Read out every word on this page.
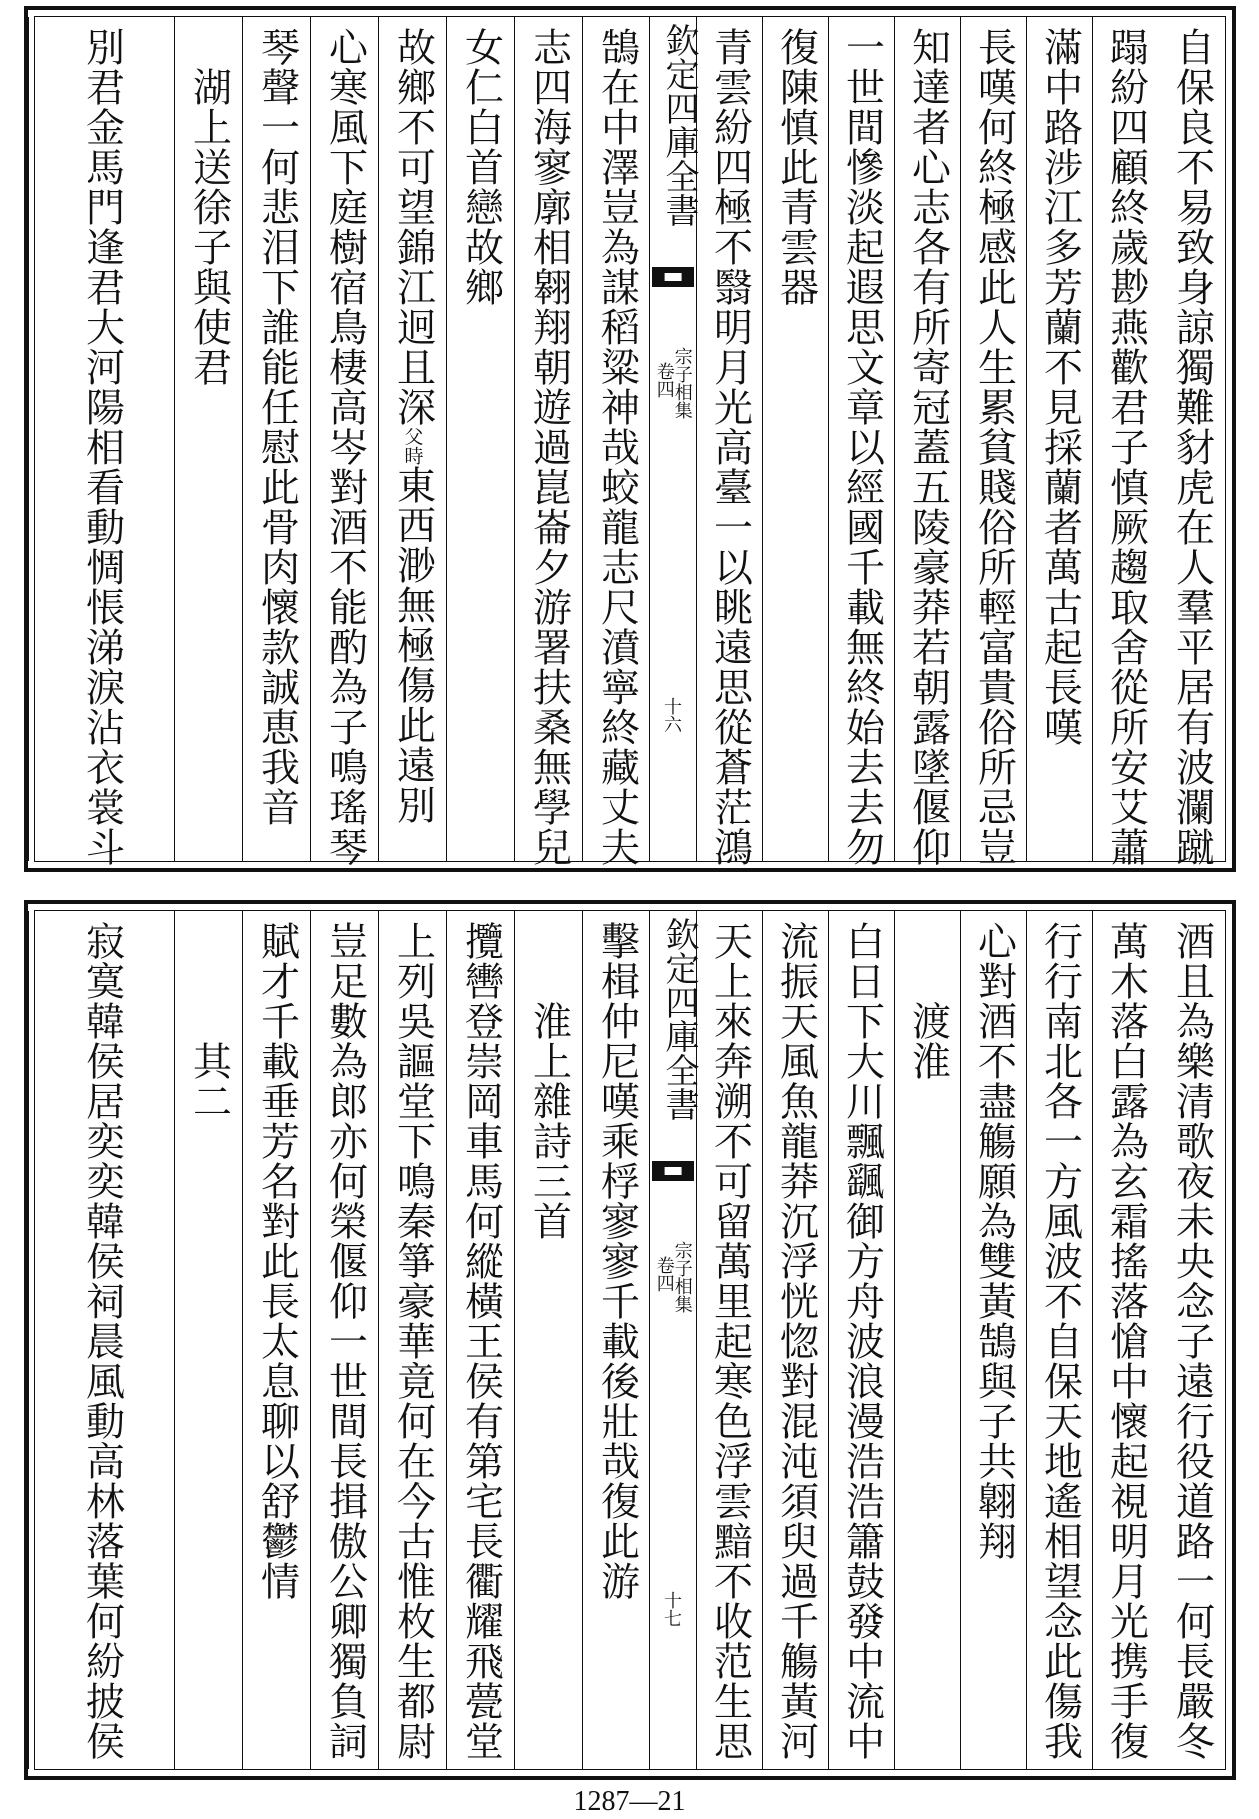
自保良不易致身諒獨難豺虎在人羣平居有波瀾蹴
蹋紛四顧終歲尠燕歡君子慎厥趨取舍從所安艾蕭
滿中路涉江多芳蘭不見採蘭者萬古起長嘆
長嘆何終極感此人生累貧賤俗所輕富貴俗所忌豈
知達者心志各有所寄冠蓋五陵豪莽若朝露墜偃仰
一世間慘淡起遐思文章以經國千載無終始去去勿
復陳慎此青雲器
青雲紛四極不翳明月光高臺一以眺遠思從蒼茫鴻
欽定四庫全書
宗子相集
卷四
十六
鵠在中澤豈為謀稻粱神哉蛟龍志尺濆寧終藏丈夫
志四海寥廓相翱翔朝遊過崑崙夕游署扶桑無學兒
女仁白首戀故鄉
故鄉不可望錦江迥且深父時東西渺無極傷此遠別
心寒風下庭樹宿鳥棲高岑對酒不能酌為子鳴瑤琴
琴聲一何悲泪下誰能任慰此骨肉懷款誠恵我音
湖上送徐子與使君
別君金馬門逢君大河陽相看動惆悵涕淚沾衣裳斗
酒且為樂清歌夜未央念子遠行役道路一何長嚴冬
萬木落白露為玄霜搖落愴中懷起視明月光携手復
行行南北各一方風波不自保天地遙相望念此傷我
心對酒不盡觴願為雙黃鵠與子共翺翔
渡淮
白日下大川飄颻御方舟波浪漫浩浩簫鼓發中流中
流振天風魚龍莽沉浮恍惚對混沌須臾過千觴黃河
天上來奔溯不可留萬里起寒色浮雲黯不收范生思
欽定四庫全書
宗子相集
卷四
十七
擊楫仲尼嘆乘桴寥寥千載後壯哉復此游
淮上雜詩三首
攬轡登崇岡車馬何縱橫王侯有第宅長衢耀飛甍堂
上列吳謳堂下鳴秦箏豪華竟何在今古惟枚生都尉
豈足數為郎亦何榮偃仰一世間長揖傲公卿獨負詞
賦才千載垂芳名對此長太息聊以舒鬱情
其二
寂寞韓侯居奕奕韓侯祠晨風動高林落葉何紛披侯
1287—21
